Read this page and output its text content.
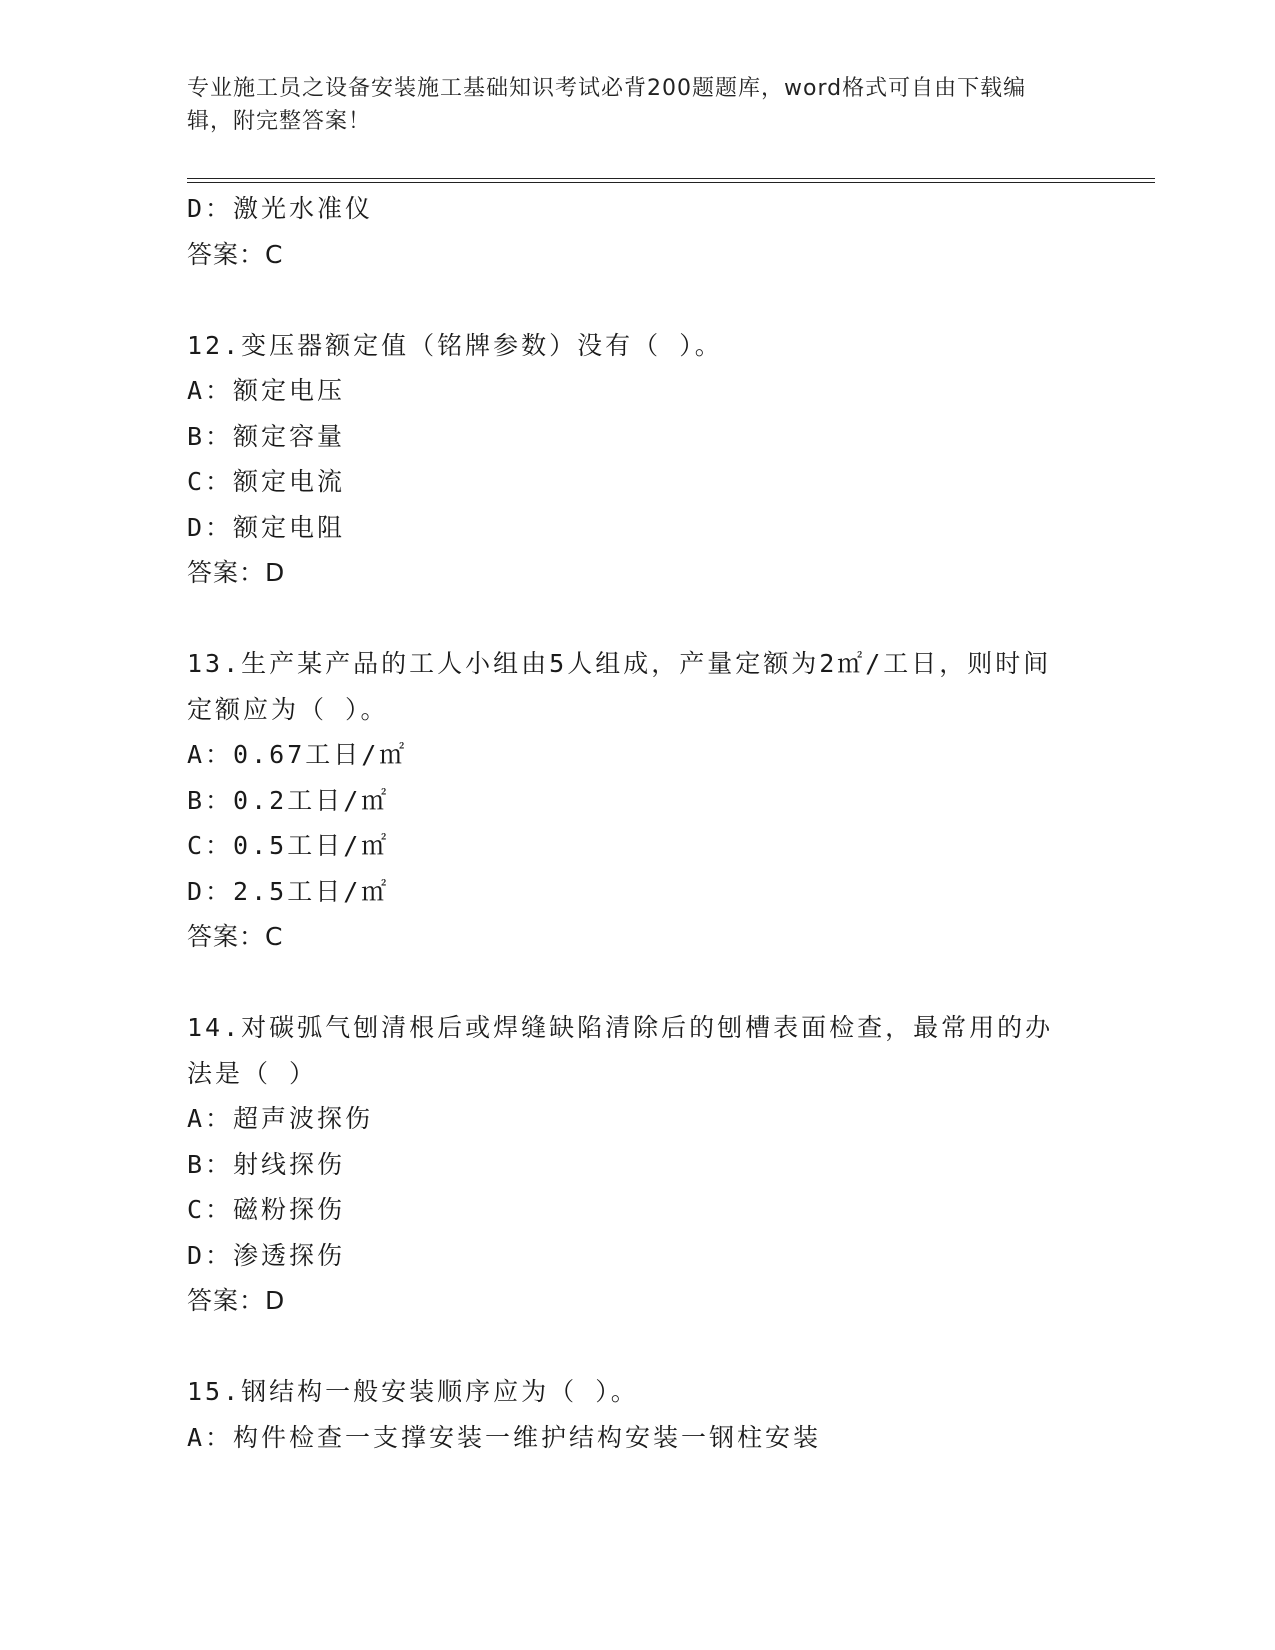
专业施工员之设备安装施工基础知识考试必背200题题库，word格式可自由下载编辑，附完整答案！
D：激光水准仪
答案：C
12.变压器额定值（铭牌参数）没有（ ）。
A：额定电压
B：额定容量
C：额定电流
D：额定电阻
答案：D
13.生产某产品的工人小组由5人组成，产量定额为2㎡/工日，则时间
定额应为（ ）。
A：0.67工日/㎡
B：0.2工日/㎡
C：0.5工日/㎡
D：2.5工日/㎡
答案：C
14.对碳弧气刨清根后或焊缝缺陷清除后的刨槽表面检查，最常用的办
法是（ ）
A：超声波探伤
B：射线探伤
C：磁粉探伤
D：渗透探伤
答案：D
15.钢结构一般安装顺序应为（ ）。
A：构件检查一支撑安装一维护结构安装一钢柱安装
